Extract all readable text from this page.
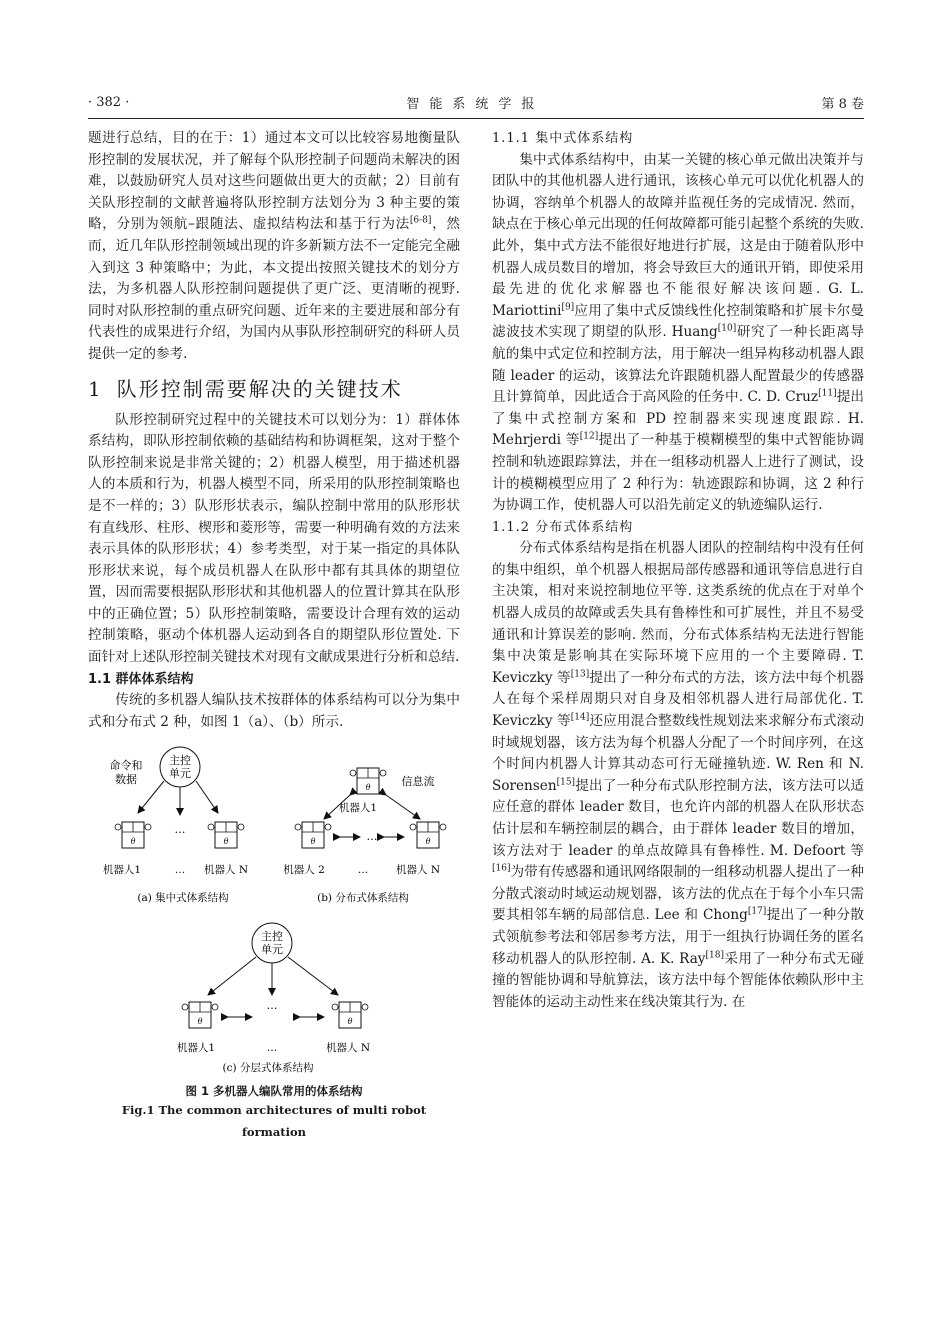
· 382 ·	智能系统学报	第 8 卷

题进行总结，目的在于：1）通过本文可以比较容易地衡量队形控制的发展状况，并了解每个队形控制子问题尚未解决的困难，以鼓励研究人员对这些问题做出更大的贡献；2）目前有关队形控制的文献普遍将队形控制方法划分为 3 种主要的策略，分别为领航–跟随法、虚拟结构法和基于行为法[6-8]，然而，近几年队形控制领域出现的许多新颖方法不一定能完全融入到这 3 种策略中；为此，本文提出按照关键技术的划分方法，为多机器人队形控制问题提供了更广泛、更清晰的视野. 同时对队形控制的重点研究问题、近年来的主要进展和部分有代表性的成果进行介绍，为国内从事队形控制研究的科研人员提供一定的参考.

1 队形控制需要解决的关键技术

队形控制研究过程中的关键技术可以划分为：1）群体体系结构，即队形控制依赖的基础结构和协调框架，这对于整个队形控制来说是非常关键的；2）机器人模型，用于描述机器人的本质和行为，机器人模型不同，所采用的队形控制策略也是不一样的；3）队形形状表示，编队控制中常用的队形形状有直线形、柱形、楔形和菱形等，需要一种明确有效的方法来表示具体的队形形状；4）参考类型，对于某一指定的具体队形形状来说，每个成员机器人在队形中都有其具体的期望位置，因而需要根据队形形状和其他机器人的位置计算其在队形中的正确位置；5）队形控制策略，需要设计合理有效的运动控制策略，驱动个体机器人运动到各自的期望队形位置处. 下面针对上述队形控制关键技术对现有文献成果进行分析和总结.

1.1 群体体系结构

传统的多机器人编队技术按群体的体系结构可以分为集中式和分布式 2 种，如图 1（a）、（b）所示.

θ
主控
单元
命令和
数据
…
机器人1	… 机器人 N
(a) 集中式体系结构
机器人1
信息流
…
机器人 2	…	机器人 N
(b) 分布式体系结构
主控
单元
…
机器人1	…	机器人 N
(c) 分层式体系结构
图 1 多机器人编队常用的体系结构
Fig.1 The common architectures of multi robot formation
1.1.1 集中式体系结构

集中式体系结构中，由某一关键的核心单元做出决策并与团队中的其他机器人进行通讯，该核心单元可以优化机器人的协调，容纳单个机器人的故障并监视任务的完成情况. 然而，缺点在于核心单元出现的任何故障都可能引起整个系统的失败. 此外，集中式方法不能很好地进行扩展，这是由于随着队形中机器人成员数目的增加，将会导致巨大的通讯开销，即使采用最先进的优化求解器也不能很好解决该问题. G. L. Mariottini[9]应用了集中式反馈线性化控制策略和扩展卡尔曼滤波技术实现了期望的队形. Huang[10]研究了一种长距离导航的集中式定位和控制方法，用于解决一组异构移动机器人跟随 leader 的运动，该算法允许跟随机器人配置最少的传感器且计算简单，因此适合于高风险的任务中. C. D. Cruz[11]提出了集中式控制方案和 PD 控制器来实现速度跟踪. H. Mehrjerdi 等[12]提出了一种基于模糊模型的集中式智能协调控制和轨迹跟踪算法，并在一组移动机器人上进行了测试，设计的模糊模型应用了 2 种行为：轨迹跟踪和协调，这 2 种行为协调工作，使机器人可以沿先前定义的轨迹编队运行.

1.1.2 分布式体系结构

分布式体系结构是指在机器人团队的控制结构中没有任何的集中组织，单个机器人根据局部传感器和通讯等信息进行自主决策，相对来说控制地位平等. 这类系统的优点在于对单个机器人成员的故障或丢失具有鲁棒性和可扩展性，并且不易受通讯和计算误差的影响. 然而，分布式体系结构无法进行智能集中决策是影响其在实际环境下应用的一个主要障碍. T. Keviczky 等[13]提出了一种分布式的方法，该方法中每个机器人在每个采样周期只对自身及相邻机器人进行局部优化. T. Keviczky 等[14]还应用混合整数线性规划法来求解分布式滚动时域规划器，该方法为每个机器人分配了一个时间序列，在这个时间内机器人计算其动态可行无碰撞轨迹. W. Ren 和 N. Sorensen[15]提出了一种分布式队形控制方法，该方法可以适应任意的群体 leader 数目，也允许内部的机器人在队形状态估计层和车辆控制层的耦合，由于群体 leader 数目的增加，该方法对于 leader 的单点故障具有鲁棒性. M. Defoort 等[16]为带有传感器和通讯网络限制的一组移动机器人提出了一种分散式滚动时域运动规划器，该方法的优点在于每个小车只需要其相邻车辆的局部信息. Lee 和 Chong[17]提出了一种分散式领航参考法和邻居参考方法，用于一组执行协调任务的匿名移动机器人的队形控制. A. K. Ray[18]采用了一种分布式无碰撞的智能协调和导航算法，该方法中每个智能体依赖队形中主智能体的运动主动性来在线决策其行为. 在
